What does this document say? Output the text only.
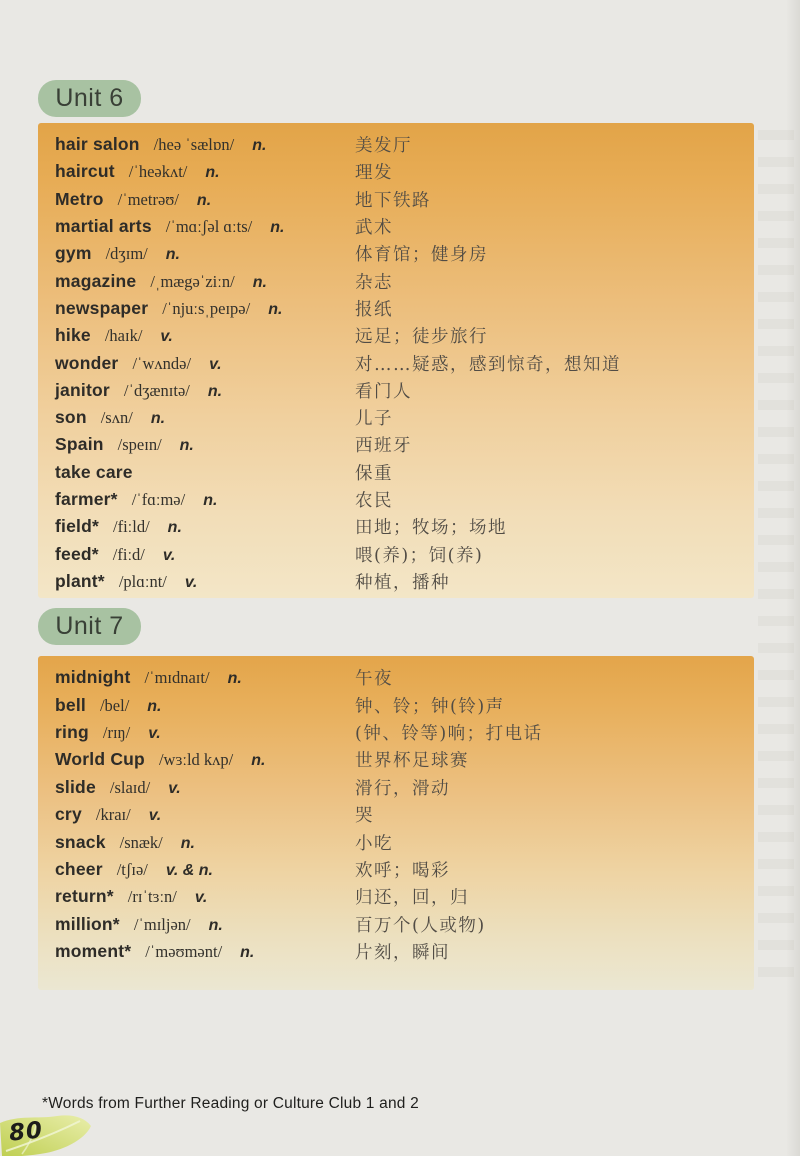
Unit 6
hair salon /heə ˈsælɒn/ n.	美发厅
haircut /ˈheəkʌt/ n.	理发
Metro /ˈmetrəʊ/ n.	地下铁路
martial arts /ˈmɑːʃəl ɑːts/ n.	武术
gym /dʒɪm/ n.	体育馆；健身房
magazine /ˌmægəˈziːn/ n.	杂志
newspaper /ˈnjuːsˌpeɪpə/ n.	报纸
hike /haɪk/ v.	远足；徒步旅行
wonder /ˈwʌndə/ v.	对……疑惑，感到惊奇，想知道
janitor /ˈdʒænɪtə/ n.	看门人
son /sʌn/ n.	儿子
Spain /speɪn/ n.	西班牙
take care	保重
farmer* /ˈfɑːmə/ n.	农民
field* /fiːld/ n.	田地；牧场；场地
feed* /fiːd/ v.	喂(养)；饲(养)
plant* /plɑːnt/ v.	种植，播种
Unit 7
midnight /ˈmɪdnaɪt/ n.	午夜
bell /bel/ n.	钟、铃；钟(铃)声
ring /rɪŋ/ v.	(钟、铃等)响；打电话
World Cup /wɜːld kʌp/ n.	世界杯足球赛
slide /slaɪd/ v.	滑行，滑动
cry /kraɪ/ v.	哭
snack /snæk/ n.	小吃
cheer /tʃɪə/ v. & n.	欢呼；喝彩
return* /rɪˈtɜːn/ v.	归还，回，归
million* /ˈmɪljən/ n.	百万个(人或物)
moment* /ˈməʊmənt/ n.	片刻，瞬间
*Words from Further Reading or Culture Club 1 and 2
80
